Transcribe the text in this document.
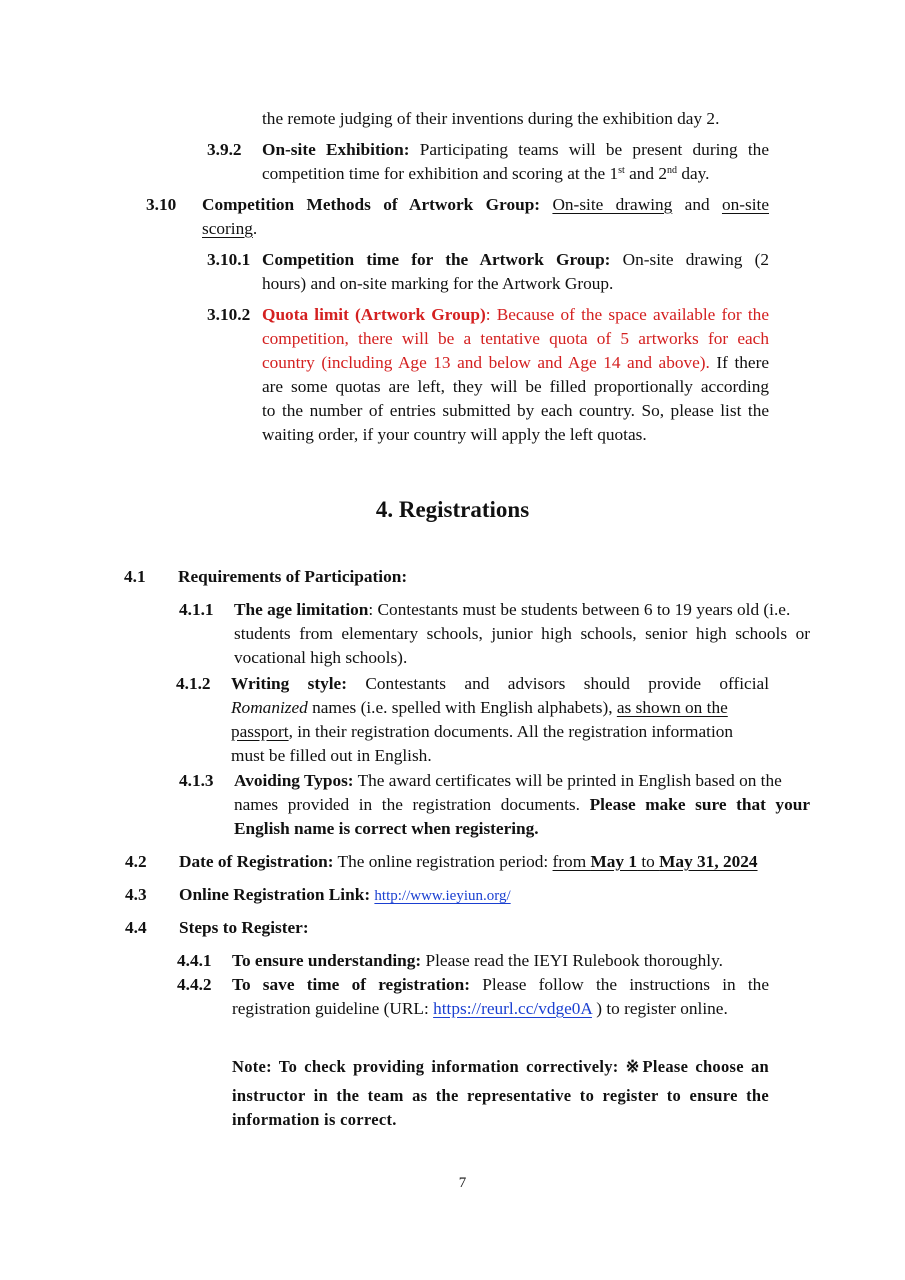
the remote judging of their inventions during the exhibition day 2.
3.9.2 On-site Exhibition: Participating teams will be present during the
competition time for exhibition and scoring at the 1st and 2nd day.
3.10 Competition Methods of Artwork Group: On-site drawing and on-site
scoring.
3.10.1 Competition time for the Artwork Group: On-site drawing (2
hours) and on-site marking for the Artwork Group.
3.10.2 Quota limit (Artwork Group): Because of the space available for the
competition, there will be a tentative quota of 5 artworks for each
country (including Age 13 and below and Age 14 and above). If there
are some quotas are left, they will be filled proportionally according
to the number of entries submitted by each country. So, please list the
waiting order, if your country will apply the left quotas.
4. Registrations
4.1 Requirements of Participation:
4.1.1 The age limitation: Contestants must be students between 6 to 19 years old (i.e.
students from elementary schools, junior high schools, senior high schools or
vocational high schools).
4.1.2 Writing style: Contestants and advisors should provide official
Romanized names (i.e. spelled with English alphabets), as shown on the
passport, in their registration documents. All the registration information
must be filled out in English.
4.1.3 Avoiding Typos: The award certificates will be printed in English based on the
names provided in the registration documents. Please make sure that your
English name is correct when registering.
4.2 Date of Registration: The online registration period: from May 1 to May 31, 2024
4.3 Online Registration Link: http://www.ieyiun.org/
4.4 Steps to Register:
4.4.1 To ensure understanding: Please read the IEYI Rulebook thoroughly.
4.4.2 To save time of registration: Please follow the instructions in the
registration guideline (URL: https://reurl.cc/vdge0A ) to register online.
Note: To check providing information correctively: ※Please choose an
instructor in the team as the representative to register to ensure the
information is correct.
7
